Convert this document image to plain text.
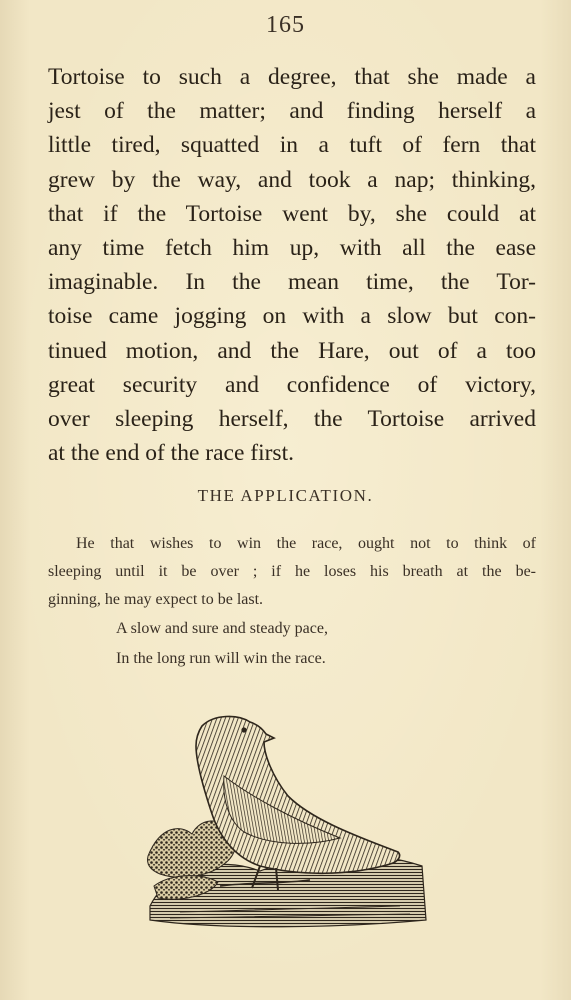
165
Tortoise to such a degree, that she made a
jest of the matter; and finding herself a
little tired, squatted in a tuft of fern that
grew by the way, and took a nap; thinking,
that if the Tortoise went by, she could at
any time fetch him up, with all the ease
imaginable. In the mean time, the Tor-
toise came jogging on with a slow but con-
tinued motion, and the Hare, out of a too
great security and confidence of victory,
over sleeping herself, the Tortoise arrived
at the end of the race first.
THE APPLICATION.
He that wishes to win the race, ought not to think of
sleeping until it be over ; if he loses his breath at the be-
ginning, he may expect to be last.
A slow and sure and steady pace,
In the long run will win the race.
